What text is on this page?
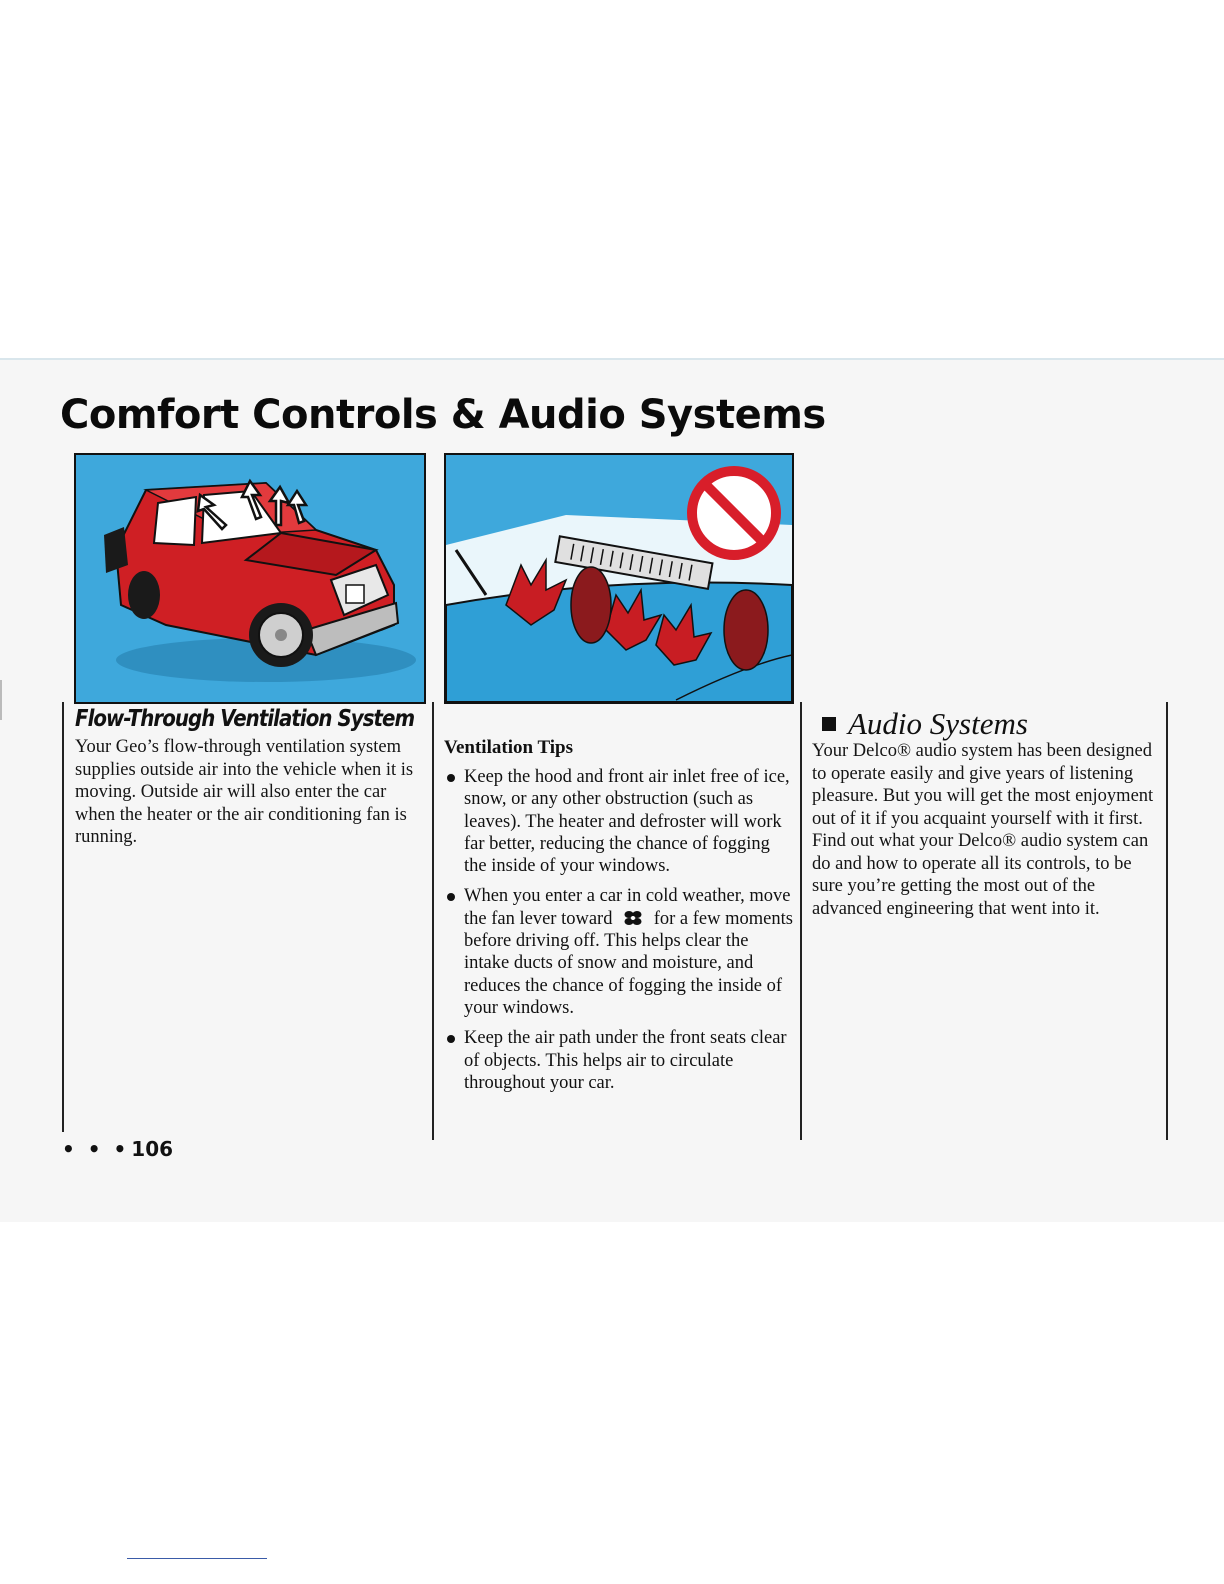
Comfort Controls & Audio Systems
Flow-Through Ventilation System

Your Geo’s flow-through ventilation system supplies outside air into the vehicle when it is moving. Outside air will also enter the car when the heater or the air conditioning fan is running.

Ventilation Tips
Keep the hood and front air inlet free of ice, snow, or any other obstruction (such as leaves). The heater and defroster will work far better, reducing the chance of fogging the inside of your windows.
When you enter a car in cold weather, move the fan lever toward for a few moments before driving off. This helps clear the intake ducts of snow and moisture, and reduces the chance of fogging the inside of your windows.
Keep the air path under the front seats clear of objects. This helps air to circulate throughout your car.
Audio Systems

Your Delco® audio system has been designed to operate easily and give years of listening pleasure. But you will get the most enjoyment out of it if you acquaint yourself with it first. Find out what your Delco® audio system can do and how to operate all its controls, to be sure you’re getting the most out of the advanced engineering that went into it.

• • • 106
